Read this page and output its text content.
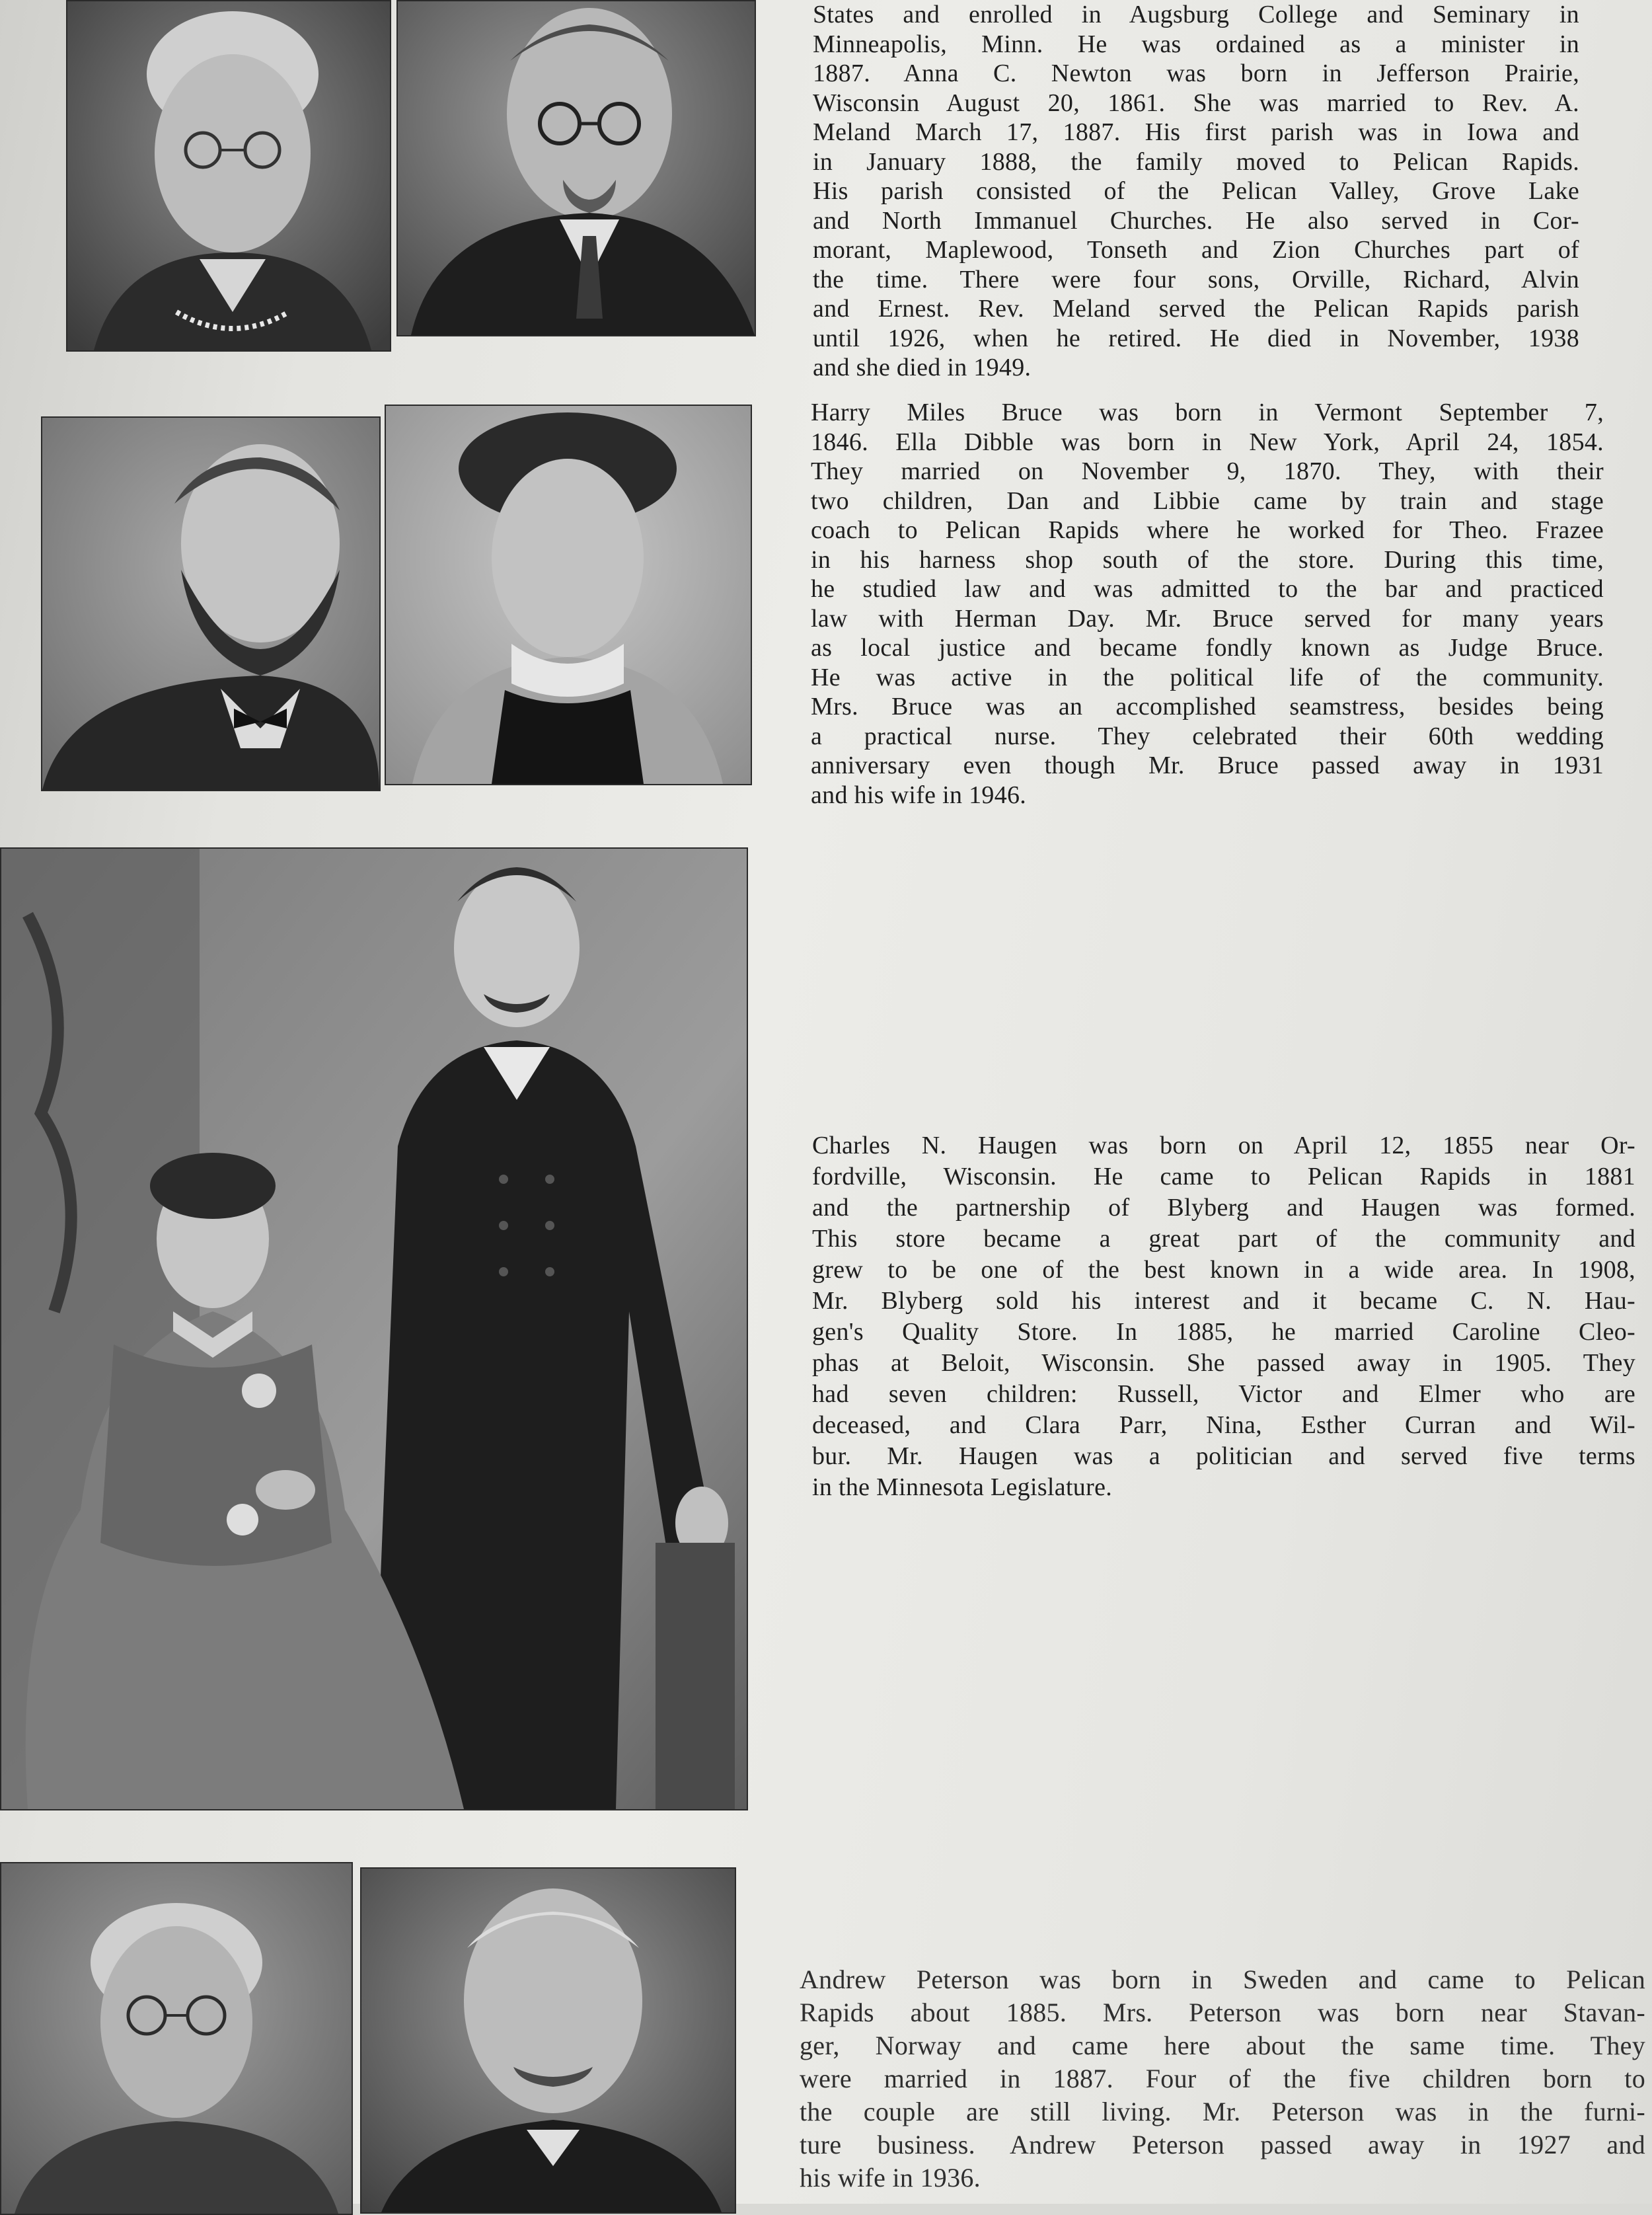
States and enrolled in Augsburg College and Seminary in
Minneapolis, Minn. He was ordained as a minister in
1887. Anna C. Newton was born in Jefferson Prairie,
Wisconsin August 20, 1861. She was married to Rev. A.
Meland March 17, 1887. His first parish was in Iowa and
in January 1888, the family moved to Pelican Rapids.
His parish consisted of the Pelican Valley, Grove Lake
and North Immanuel Churches. He also served in Cor-
morant, Maplewood, Tonseth and Zion Churches part of
the time. There were four sons, Orville, Richard, Alvin
and Ernest. Rev. Meland served the Pelican Rapids parish
until 1926, when he retired. He died in November, 1938
and she died in 1949.
Harry Miles Bruce was born in Vermont September 7,
1846. Ella Dibble was born in New York, April 24, 1854.
They married on November 9, 1870. They, with their
two children, Dan and Libbie came by train and stage
coach to Pelican Rapids where he worked for Theo. Frazee
in his harness shop south of the store. During this time,
he studied law and was admitted to the bar and practiced
law with Herman Day. Mr. Bruce served for many years
as local justice and became fondly known as Judge Bruce.
He was active in the political life of the community.
Mrs. Bruce was an accomplished seamstress, besides being
a practical nurse. They celebrated their 60th wedding
anniversary even though Mr. Bruce passed away in 1931
and his wife in 1946.
Charles N. Haugen was born on April 12, 1855 near Or-
fordville, Wisconsin. He came to Pelican Rapids in 1881
and the partnership of Blyberg and Haugen was formed.
This store became a great part of the community and
grew to be one of the best known in a wide area. In 1908,
Mr. Blyberg sold his interest and it became C. N. Hau-
gen's Quality Store. In 1885, he married Caroline Cleo-
phas at Beloit, Wisconsin. She passed away in 1905. They
had seven children: Russell, Victor and Elmer who are
deceased, and Clara Parr, Nina, Esther Curran and Wil-
bur. Mr. Haugen was a politician and served five terms
in the Minnesota Legislature.
Andrew Peterson was born in Sweden and came to Pelican
Rapids about 1885. Mrs. Peterson was born near Stavan-
ger, Norway and came here about the same time. They
were married in 1887. Four of the five children born to
the couple are still living. Mr. Peterson was in the furni-
ture business. Andrew Peterson passed away in 1927 and
his wife in 1936.
